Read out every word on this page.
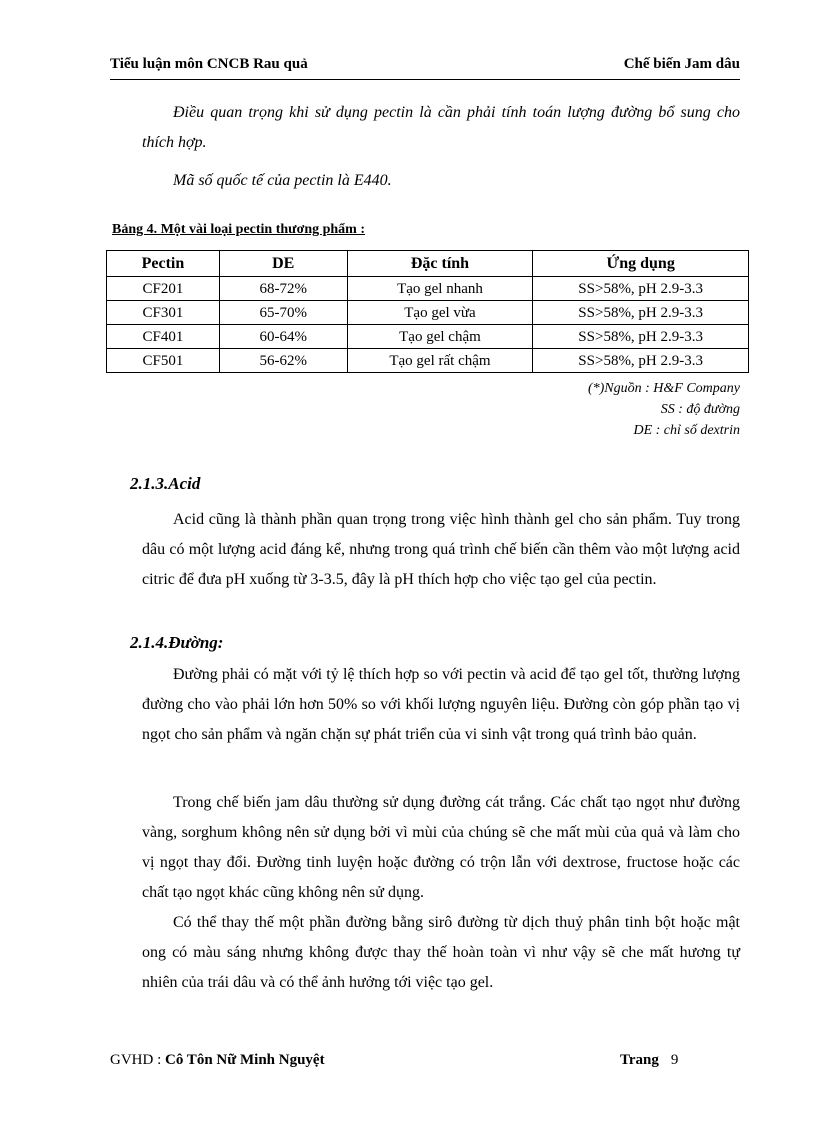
Tiểu luận môn CNCB Rau quả	Chế biến Jam dâu
Điều quan trọng khi sử dụng pectin là cần phải tính toán lượng đường bổ sung cho thích hợp.
Mã số quốc tế của pectin là E440.
Bảng 4. Một vài loại pectin thương phẩm :
Pectin	DE	Đặc tính	Ứng dụng
CF201	68-72%	Tạo gel nhanh	SS>58%, pH 2.9-3.3
CF301	65-70%	Tạo gel vừa	SS>58%, pH 2.9-3.3
CF401	60-64%	Tạo gel chậm	SS>58%, pH 2.9-3.3
CF501	56-62%	Tạo gel rất chậm	SS>58%, pH 2.9-3.3
(*)Nguồn : H&F Company
SS : độ đường
DE : chỉ số dextrin
2.1.3.Acid
Acid cũng là thành phần quan trọng trong việc hình thành gel cho sản phẩm. Tuy trong dâu có một lượng acid đáng kể, nhưng trong quá trình chế biến cần thêm vào một lượng acid citric để đưa pH xuống từ 3-3.5, đây là pH thích hợp cho việc tạo gel của pectin.
2.1.4.Đường:
Đường phải có mặt với tỷ lệ thích hợp so với pectin và acid để tạo gel tốt, thường lượng đường cho vào phải lớn hơn 50% so với khối lượng nguyên liệu. Đường còn góp phần tạo vị ngọt cho sản phẩm và ngăn chặn sự phát triển của vi sinh vật trong quá trình bảo quản.
Trong chế biến jam dâu thường sử dụng đường cát trắng. Các chất tạo ngọt như đường vàng, sorghum không nên sử dụng bởi vì mùi của chúng sẽ che mất mùi của quả và làm cho vị ngọt thay đổi. Đường tinh luyện hoặc đường có trộn lẫn với dextrose, fructose hoặc các chất tạo ngọt khác cũng không nên sử dụng.
Có thể thay thế một phần đường bằng sirô đường từ dịch thuỷ phân tinh bột hoặc mật ong có màu sáng nhưng không được thay thế hoàn toàn vì như vậy sẽ che mất hương tự nhiên của trái dâu và có thể ảnh hưởng tới việc tạo gel.
GVHD : Cô Tôn Nữ Minh Nguyệt	Trang 9
